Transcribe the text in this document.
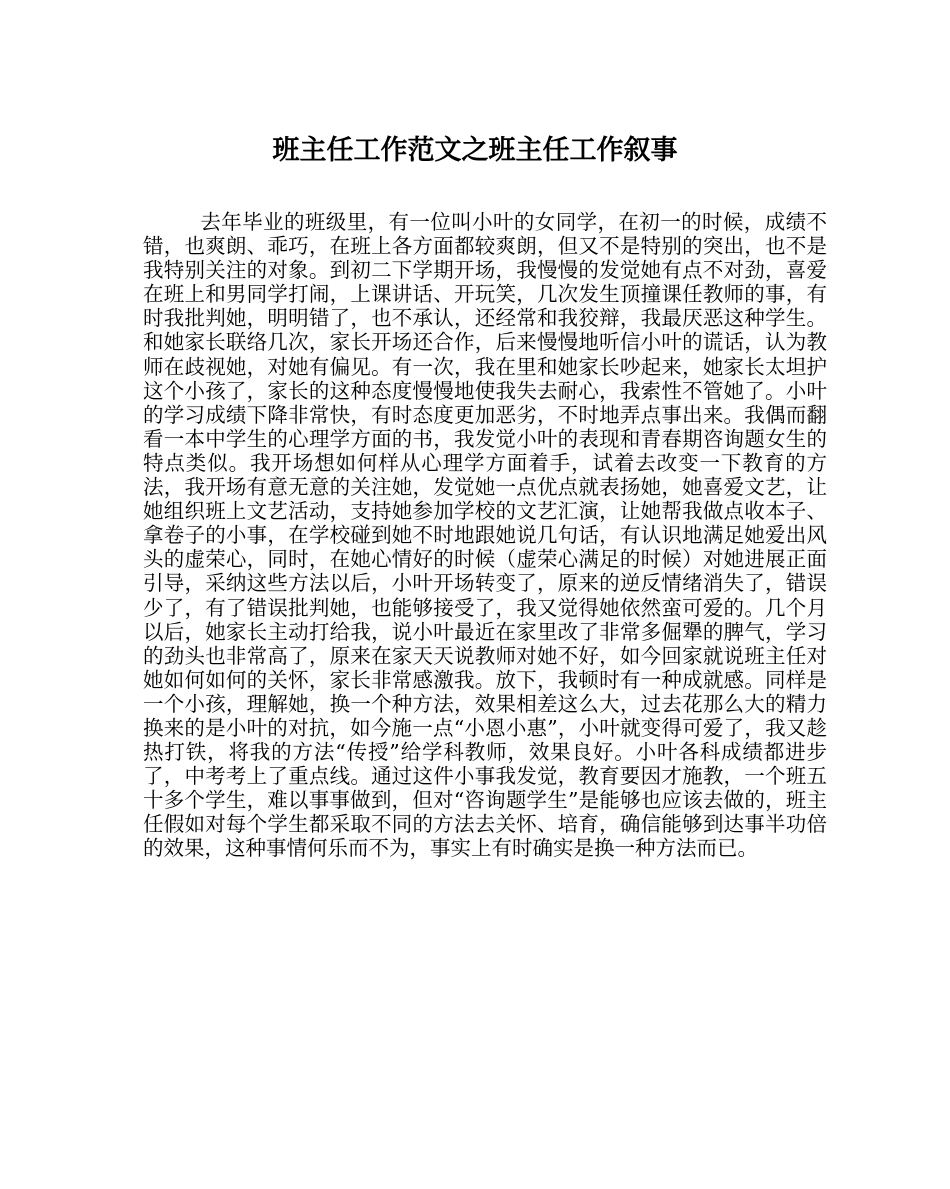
班主任工作范文之班主任工作叙事

去年毕业的班级里，有一位叫小叶的女同学，在初一的时候，成绩不错，也爽朗、乖巧，在班上各方面都较爽朗，但又不是特别的突出，也不是我特别关注的对象。到初二下学期开场，我慢慢的发觉她有点不对劲，喜爱在班上和男同学打闹，上课讲话、开玩笑，几次发生顶撞课任教师的事，有时我批判她，明明错了，也不承认，还经常和我狡辩，我最厌恶这种学生。和她家长联络几次，家长开场还合作，后来慢慢地听信小叶的谎话，认为教师在歧视她，对她有偏见。有一次，我在里和她家长吵起来，她家长太坦护这个小孩了，家长的这种态度慢慢地使我失去耐心，我索性不管她了。小叶的学习成绩下降非常快，有时态度更加恶劣，不时地弄点事出来。我偶而翻看一本中学生的心理学方面的书，我发觉小叶的表现和青春期咨询题女生的特点类似。我开场想如何样从心理学方面着手，试着去改变一下教育的方法，我开场有意无意的关注她，发觉她一点优点就表扬她，她喜爱文艺，让她组织班上文艺活动，支持她参加学校的文艺汇演，让她帮我做点收本子、拿卷子的小事，在学校碰到她不时地跟她说几句话，有认识地满足她爱出风头的虚荣心，同时，在她心情好的时候（虚荣心满足的时候）对她进展正面引导，采纳这些方法以后，小叶开场转变了，原来的逆反情绪消失了，错误少了，有了错误批判她，也能够接受了，我又觉得她依然蛮可爱的。几个月以后，她家长主动打给我，说小叶最近在家里改了非常多倔犟的脾气，学习的劲头也非常高了，原来在家天天说教师对她不好，如今回家就说班主任对她如何如何的关怀，家长非常感激我。放下，我顿时有一种成就感。同样是一个小孩，理解她，换一个种方法，效果相差这么大，过去花那么大的精力换来的是小叶的对抗，如今施一点“小恩小惠”，小叶就变得可爱了，我又趁热打铁，将我的方法“传授”给学科教师，效果良好。小叶各科成绩都进步了，中考考上了重点线。通过这件小事我发觉，教育要因才施教，一个班五十多个学生，难以事事做到，但对“咨询题学生”是能够也应该去做的，班主任假如对每个学生都采取不同的方法去关怀、培育，确信能够到达事半功倍的效果，这种事情何乐而不为，事实上有时确实是换一种方法而已。
